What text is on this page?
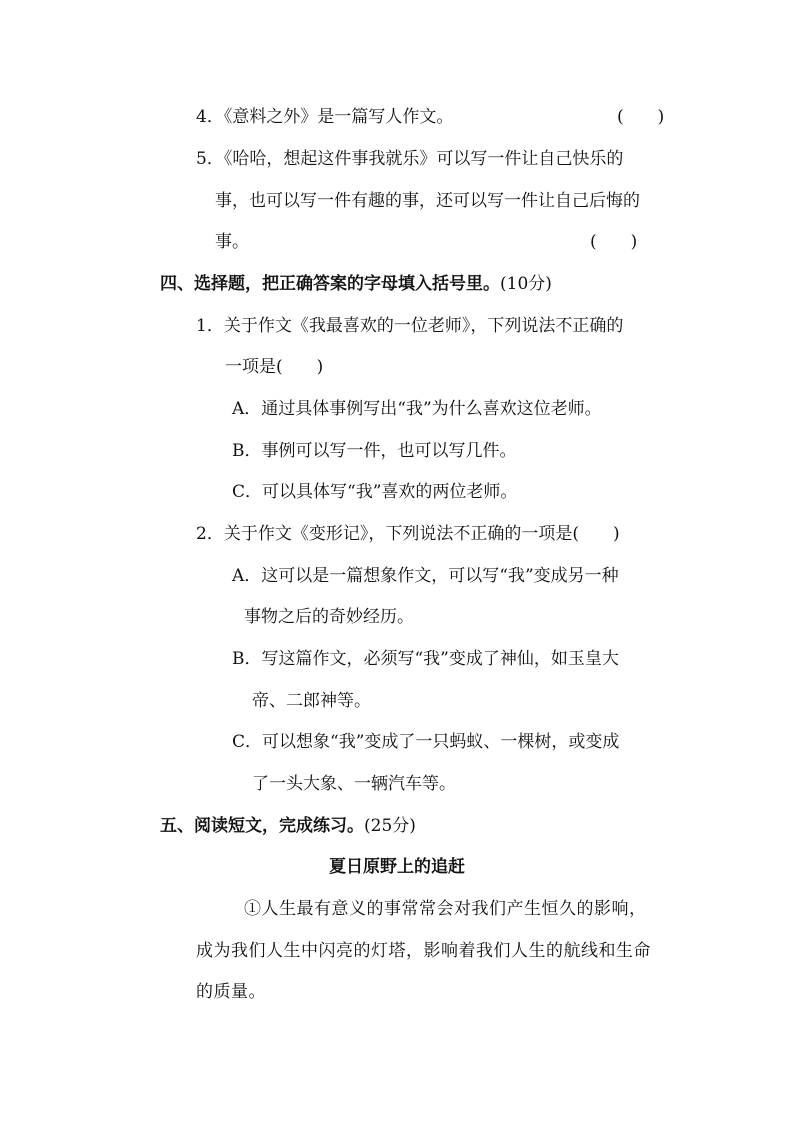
4．《意料之外》是一篇写人作文。	(　　)
5．《哈哈，想起这件事我就乐》可以写一件让自己快乐的
事，也可以写一件有趣的事，还可以写一件让自己后悔的
事。	(　　)
四、选择题，把正确答案的字母填入括号里。(10分)
1．关于作文《我最喜欢的一位老师》，下列说法不正确的
一项是(　　)
A．通过具体事例写出“我”为什么喜欢这位老师。
B．事例可以写一件，也可以写几件。
C．可以具体写“我”喜欢的两位老师。
2．关于作文《变形记》，下列说法不正确的一项是(　　)
A．这可以是一篇想象作文，可以写“我”变成另一种
事物之后的奇妙经历。
B．写这篇作文，必须写“我”变成了神仙，如玉皇大
帝、二郎神等。
C．可以想象“我”变成了一只蚂蚁、一棵树，或变成
了一头大象、一辆汽车等。
五、阅读短文，完成练习。(25分)
夏日原野上的追赶
①人生最有意义的事常常会对我们产生恒久的影响，
成为我们人生中闪亮的灯塔，影响着我们人生的航线和生命
的质量。
